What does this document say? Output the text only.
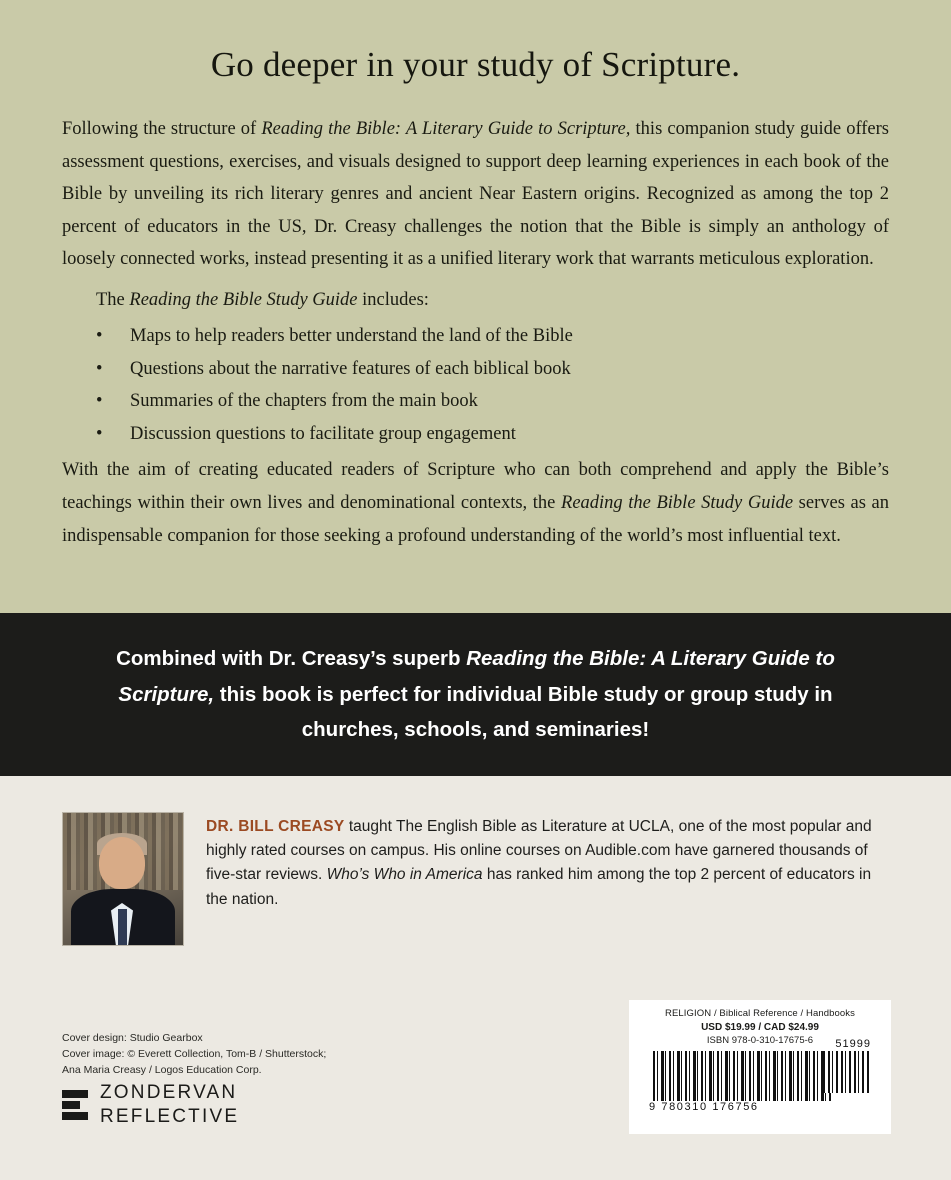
Go deeper in your study of Scripture.

Following the structure of Reading the Bible: A Literary Guide to Scripture, this companion study guide offers assessment questions, exercises, and visuals designed to support deep learning experiences in each book of the Bible by unveiling its rich literary genres and ancient Near Eastern origins. Recognized as among the top 2 percent of educators in the US, Dr. Creasy challenges the notion that the Bible is simply an anthology of loosely connected works, instead presenting it as a unified literary work that warrants meticulous exploration.

The Reading the Bible Study Guide includes:
• Maps to help readers better understand the land of the Bible
• Questions about the narrative features of each biblical book
• Summaries of the chapters from the main book
• Discussion questions to facilitate group engagement

With the aim of creating educated readers of Scripture who can both comprehend and apply the Bible’s teachings within their own lives and denominational contexts, the Reading the Bible Study Guide serves as an indispensable companion for those seeking a profound understanding of the world’s most influential text.

Combined with Dr. Creasy’s superb Reading the Bible: A Literary Guide to Scripture, this book is perfect for individual Bible study or group study in churches, schools, and seminaries!
DR. BILL CREASY taught The English Bible as Literature at UCLA, one of the most popular and highly rated courses on campus. His online courses on Audible.com have garnered thousands of five-star reviews. Who’s Who in America has ranked him among the top 2 percent of educators in the nation.
Cover design: Studio Gearbox
Cover image: © Everett Collection, Tom-B / Shutterstock;
Ana Maria Creasy / Logos Education Corp.
ZONDERVAN
REFLECTIVE
RELIGION / Biblical Reference / Handbooks
USD $19.99 / CAD $24.99
ISBN 978-0-310-17675-6	51999
9 780310 176756
